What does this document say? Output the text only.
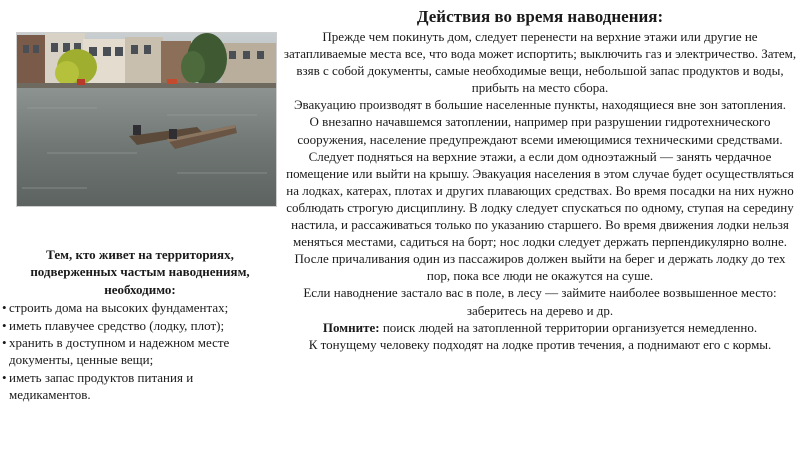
Тем, кто живет на территориях, подверженных частым наводнениям, необходимо:
• строить дома на высоких фундаментах;
• иметь плавучее средство (лодку, плот);
• хранить в доступном и надежном месте документы, ценные вещи;
• иметь запас продуктов питания и медикаментов.
Действия во время наводнения:

Прежде чем покинуть дом, следует перенести на верхние этажи или другие не затапливаемые места все, что вода может испортить; выключить газ и электричество. Затем, взяв с собой документы, самые необходимые вещи, небольшой запас продуктов и воды, прибыть на место сбора.

Эвакуацию производят в большие населенные пункты, находящиеся вне зон затопления.

О внезапно начавшемся затоплении, например при разрушении гидротехнического сооружения, население предупреждают всеми имеющимися техническими средствами. Следует подняться на верхние этажи, а если дом одноэтажный — занять чердачное помещение или выйти на крышу. Эвакуация населения в этом случае будет осуществляться на лодках, катерах, плотах и других плавающих средствах. Во время посадки на них нужно соблюдать строгую дисциплину. В лодку следует спускаться по одному, ступая на середину настила, и рассаживаться только по указанию старшего. Во время движения лодки нельзя меняться местами, садиться на борт; нос лодки следует держать перпендикулярно волне. После причаливания один из пассажиров должен выйти на берег и держать лодку до тех пор, пока все люди не окажутся на суше.

Если наводнение застало вас в поле, в лесу — займите наиболее возвышенное место: заберитесь на дерево и др.

Помните: поиск людей на затопленной территории организуется немедленно.

К тонущему человеку подходят на лодке против течения, а поднимают его с кормы.
